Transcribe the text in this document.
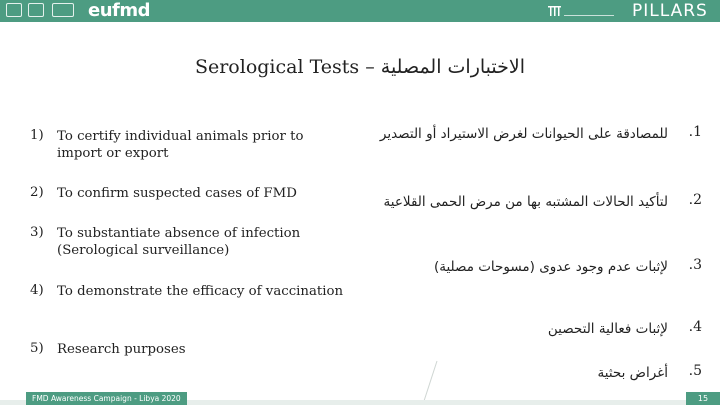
eufmd	PILLARS
Serological Tests – الاختبارات المصلية
1) To certify individual animals prior to import or export
2) To confirm suspected cases of FMD
3) To substantiate absence of infection (Serological surveillance)
4) To demonstrate the efficacy of vaccination
5) Research purposes
.1
للمصادقة على الحيوانات لغرض الاستيراد أو التصدير
.2
لتأكيد الحالات المشتبه بها من مرض الحمى القلاعية
.3
لإثبات عدم وجود عدوى (مسوحات مصلية)
.4
لإثبات فعالية التحصين
.5
أغراض بحثية
FMD Awareness Campaign - Libya 2020	15
